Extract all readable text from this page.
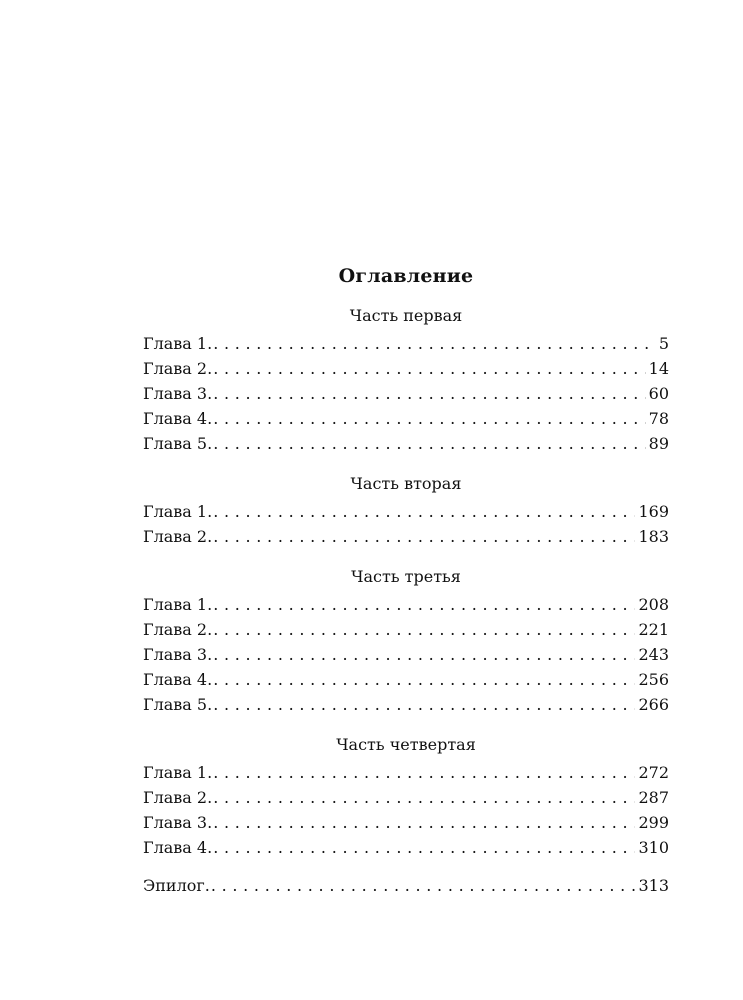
Оглавление
Часть первая
Глава 1. . . .	5
Глава 2. . . .	14
Глава 3. . . .	60
Глава 4. . . .	78
Глава 5. . . .	89
Часть вторая
Глава 1. . . .	169
Глава 2. . . .	183
Часть третья
Глава 1. . . .	208
Глава 2. . . .	221
Глава 3. . . .	243
Глава 4. . . .	256
Глава 5. . . .	266
Часть четвертая
Глава 1. . . .	272
Глава 2. . . .	287
Глава 3. . . .	299
Глава 4. . . .	310
Эпилог. . . .	313
